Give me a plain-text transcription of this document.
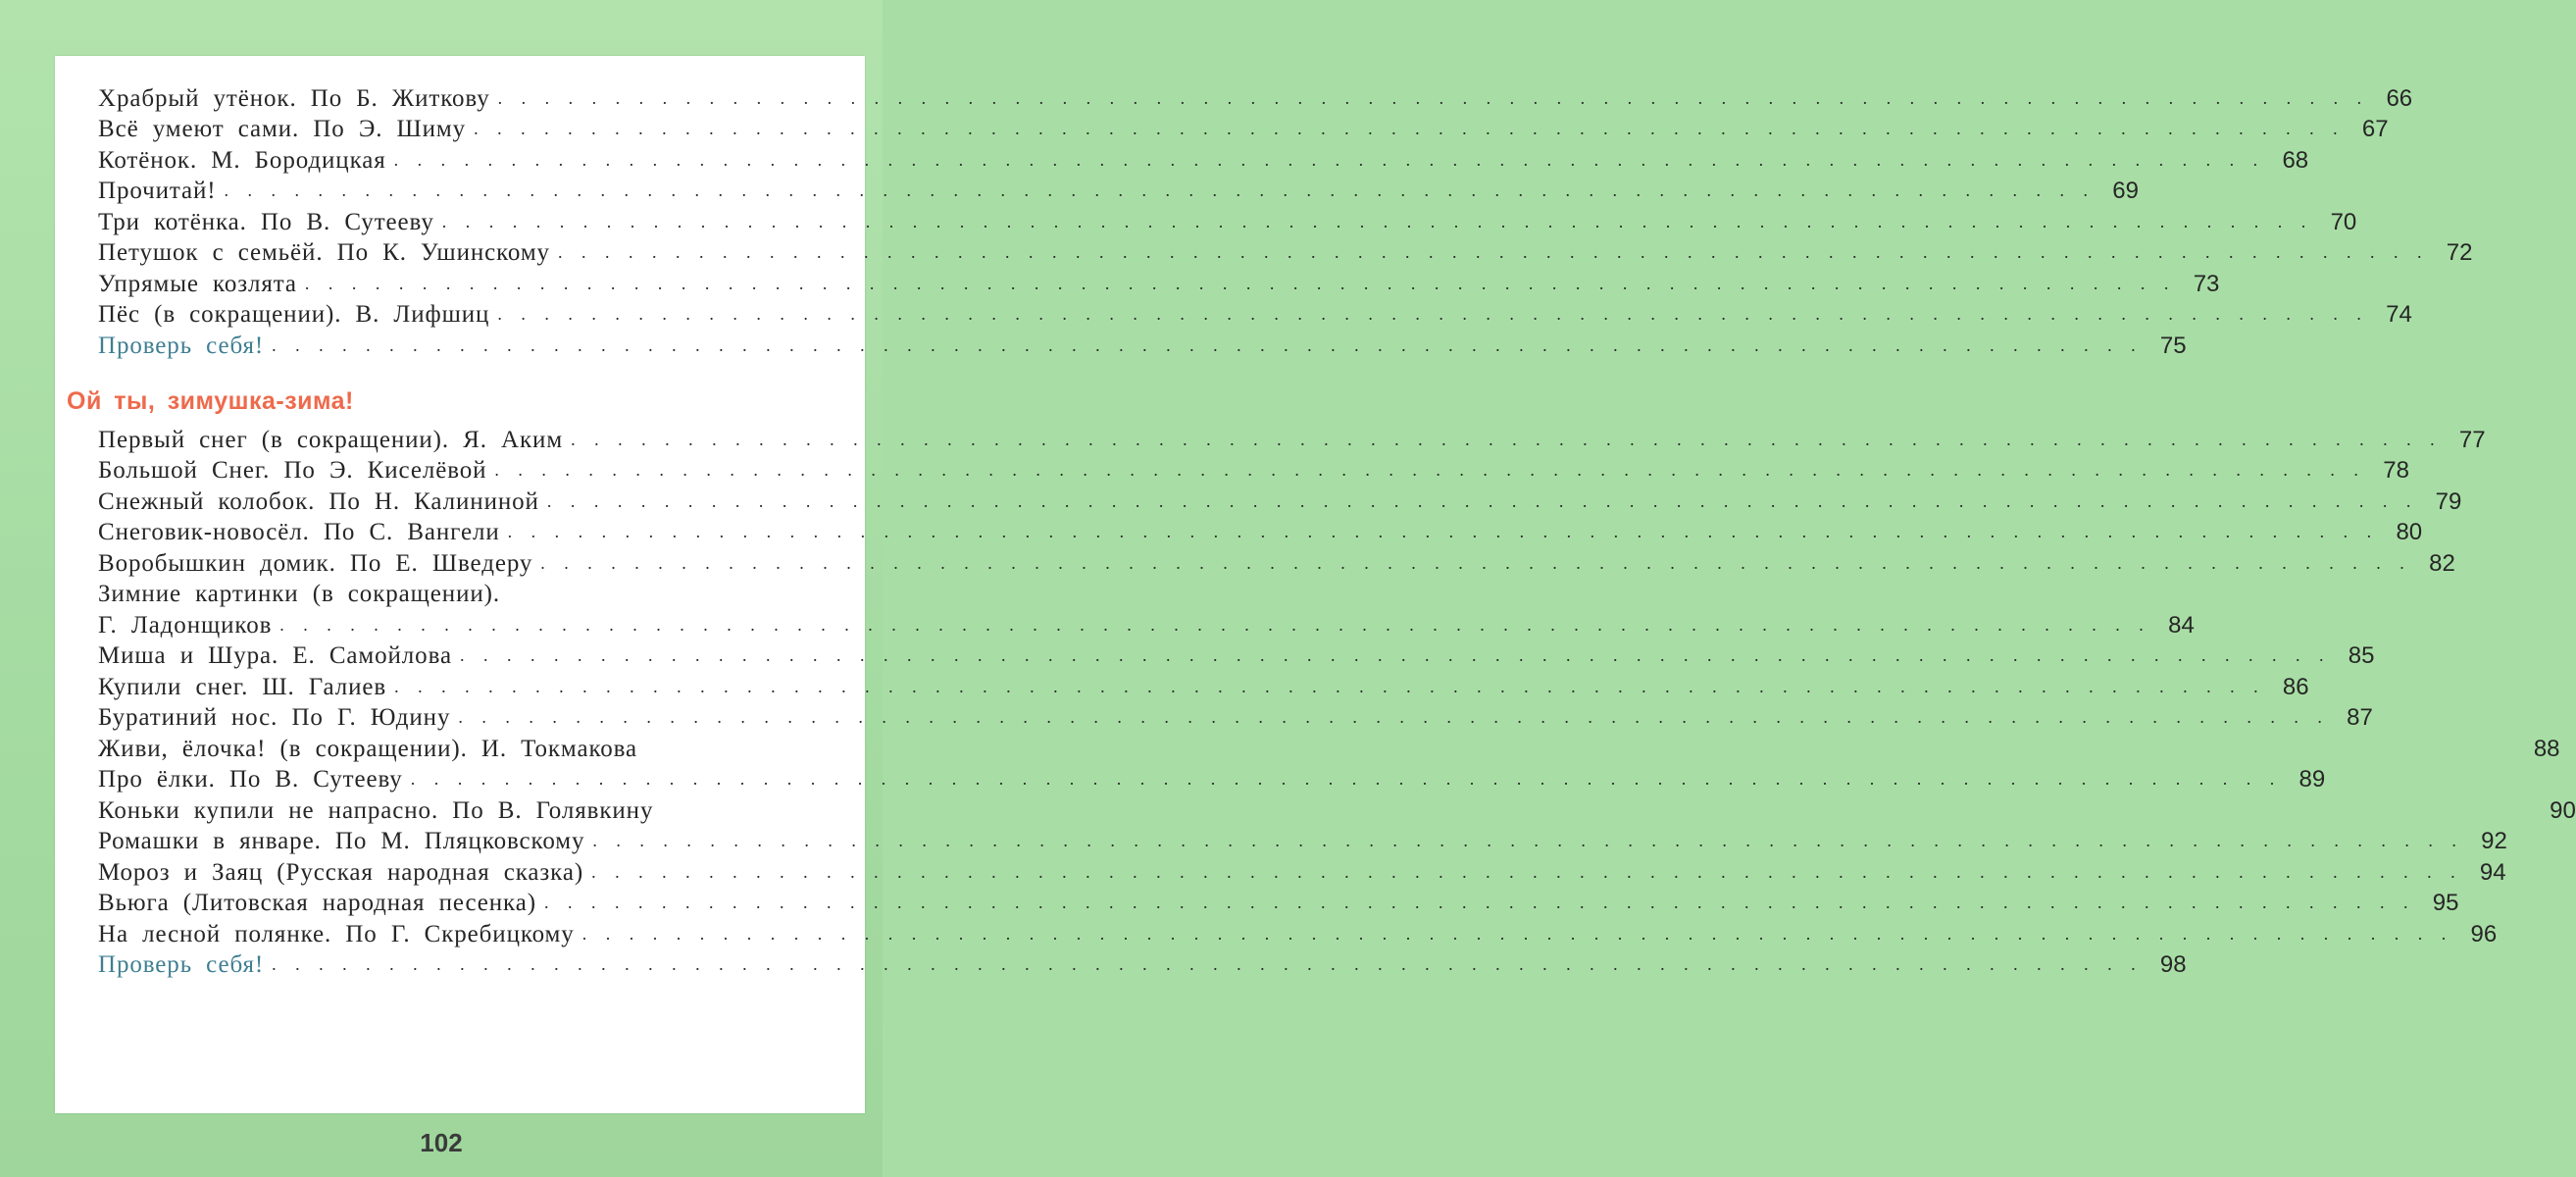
Храбрый утёнок. По Б. Житкову . . . . . . . . . . . . . . . . . . . . . . . . . . . . . . . . . . . . . . . . . . . . . . . . . . . . . . . . . . . . . . . . . . . . . . . . . . . . . . . . 66
Всё умеют сами. По Э. Шиму . . . . . . . . . . . . . . . . . . . . . . . . . . . . . . . . . . . . . . . . . . . . . . . . . . . . . . . . . . . . . . . . . . . . . . . . . . . . . . . . 67
Котёнок. М. Бородицкая . . . . . . . . . . . . . . . . . . . . . . . . . . . . . . . . . . . . . . . . . . . . . . . . . . . . . . . . . . . . . . . . . . . . . . . . . . . . . . . . 68
Прочитай! . . . . . . . . . . . . . . . . . . . . . . . . . . . . . . . . . . . . . . . . . . . . . . . . . . . . . . . . . . . . . . . . . . . . . . . . . . . . . . . . 69
Три котёнка. По В. Сутееву . . . . . . . . . . . . . . . . . . . . . . . . . . . . . . . . . . . . . . . . . . . . . . . . . . . . . . . . . . . . . . . . . . . . . . . . . . . . . . . . 70
Петушок с семьёй. По К. Ушинскому . . . . . . . . . . . . . . . . . . . . . . . . . . . . . . . . . . . . . . . . . . . . . . . . . . . . . . . . . . . . . . . . . . . . . . . . . . . . . . . . 72
Упрямые козлята . . . . . . . . . . . . . . . . . . . . . . . . . . . . . . . . . . . . . . . . . . . . . . . . . . . . . . . . . . . . . . . . . . . . . . . . . . . . . . . . 73
Пёс (в сокращении). В. Лифшиц . . . . . . . . . . . . . . . . . . . . . . . . . . . . . . . . . . . . . . . . . . . . . . . . . . . . . . . . . . . . . . . . . . . . . . . . . . . . . . . . 74
Проверь себя! . . . . . . . . . . . . . . . . . . . . . . . . . . . . . . . . . . . . . . . . . . . . . . . . . . . . . . . . . . . . . . . . . . . . . . . . . . . . . . . . 75
Ой ты, зимушка-зима!
Первый снег (в сокращении). Я. Аким . . . . . . . . . . . . . . . . . . . . . . . . . . . . . . . . . . . . . . . . . . . . . . . . . . . . . . . . . . . . . . . . . . . . . . . . . . . . . . . . 77
Большой Снег. По Э. Киселёвой . . . . . . . . . . . . . . . . . . . . . . . . . . . . . . . . . . . . . . . . . . . . . . . . . . . . . . . . . . . . . . . . . . . . . . . . . . . . . . . . 78
Снежный колобок. По Н. Калининой . . . . . . . . . . . . . . . . . . . . . . . . . . . . . . . . . . . . . . . . . . . . . . . . . . . . . . . . . . . . . . . . . . . . . . . . . . . . . . . . 79
Снеговик-новосёл. По С. Вангели . . . . . . . . . . . . . . . . . . . . . . . . . . . . . . . . . . . . . . . . . . . . . . . . . . . . . . . . . . . . . . . . . . . . . . . . . . . . . . . . 80
Воробышкин домик. По Е. Шведеру . . . . . . . . . . . . . . . . . . . . . . . . . . . . . . . . . . . . . . . . . . . . . . . . . . . . . . . . . . . . . . . . . . . . . . . . . . . . . . . . 82
Зимние картинки (в сокращении).
Г. Ладонщиков . . . . . . . . . . . . . . . . . . . . . . . . . . . . . . . . . . . . . . . . . . . . . . . . . . . . . . . . . . . . . . . . . . . . . . . . . . . . . . . . 84
Миша и Шура. Е. Самойлова . . . . . . . . . . . . . . . . . . . . . . . . . . . . . . . . . . . . . . . . . . . . . . . . . . . . . . . . . . . . . . . . . . . . . . . . . . . . . . . . 85
Купили снег. Ш. Галиев . . . . . . . . . . . . . . . . . . . . . . . . . . . . . . . . . . . . . . . . . . . . . . . . . . . . . . . . . . . . . . . . . . . . . . . . . . . . . . . . 86
Буратиний нос. По Г. Юдину . . . . . . . . . . . . . . . . . . . . . . . . . . . . . . . . . . . . . . . . . . . . . . . . . . . . . . . . . . . . . . . . . . . . . . . . . . . . . . . . 87
Живи, ёлочка! (в сокращении). И. Токмакова	88
Про ёлки. По В. Сутееву . . . . . . . . . . . . . . . . . . . . . . . . . . . . . . . . . . . . . . . . . . . . . . . . . . . . . . . . . . . . . . . . . . . . . . . . . . . . . . . . 89
Коньки купили не напрасно. По В. Голявкину	90
Ромашки в январе. По М. Пляцковскому . . . . . . . . . . . . . . . . . . . . . . . . . . . . . . . . . . . . . . . . . . . . . . . . . . . . . . . . . . . . . . . . . . . . . . . . . . . . . . . . 92
Мороз и Заяц (Русская народная сказка) . . . . . . . . . . . . . . . . . . . . . . . . . . . . . . . . . . . . . . . . . . . . . . . . . . . . . . . . . . . . . . . . . . . . . . . . . . . . . . . . 94
Вьюга (Литовская народная песенка) . . . . . . . . . . . . . . . . . . . . . . . . . . . . . . . . . . . . . . . . . . . . . . . . . . . . . . . . . . . . . . . . . . . . . . . . . . . . . . . . 95
На лесной полянке. По Г. Скребицкому . . . . . . . . . . . . . . . . . . . . . . . . . . . . . . . . . . . . . . . . . . . . . . . . . . . . . . . . . . . . . . . . . . . . . . . . . . . . . . . . 96
Проверь себя! . . . . . . . . . . . . . . . . . . . . . . . . . . . . . . . . . . . . . . . . . . . . . . . . . . . . . . . . . . . . . . . . . . . . . . . . . . . . . . . . 98
102
